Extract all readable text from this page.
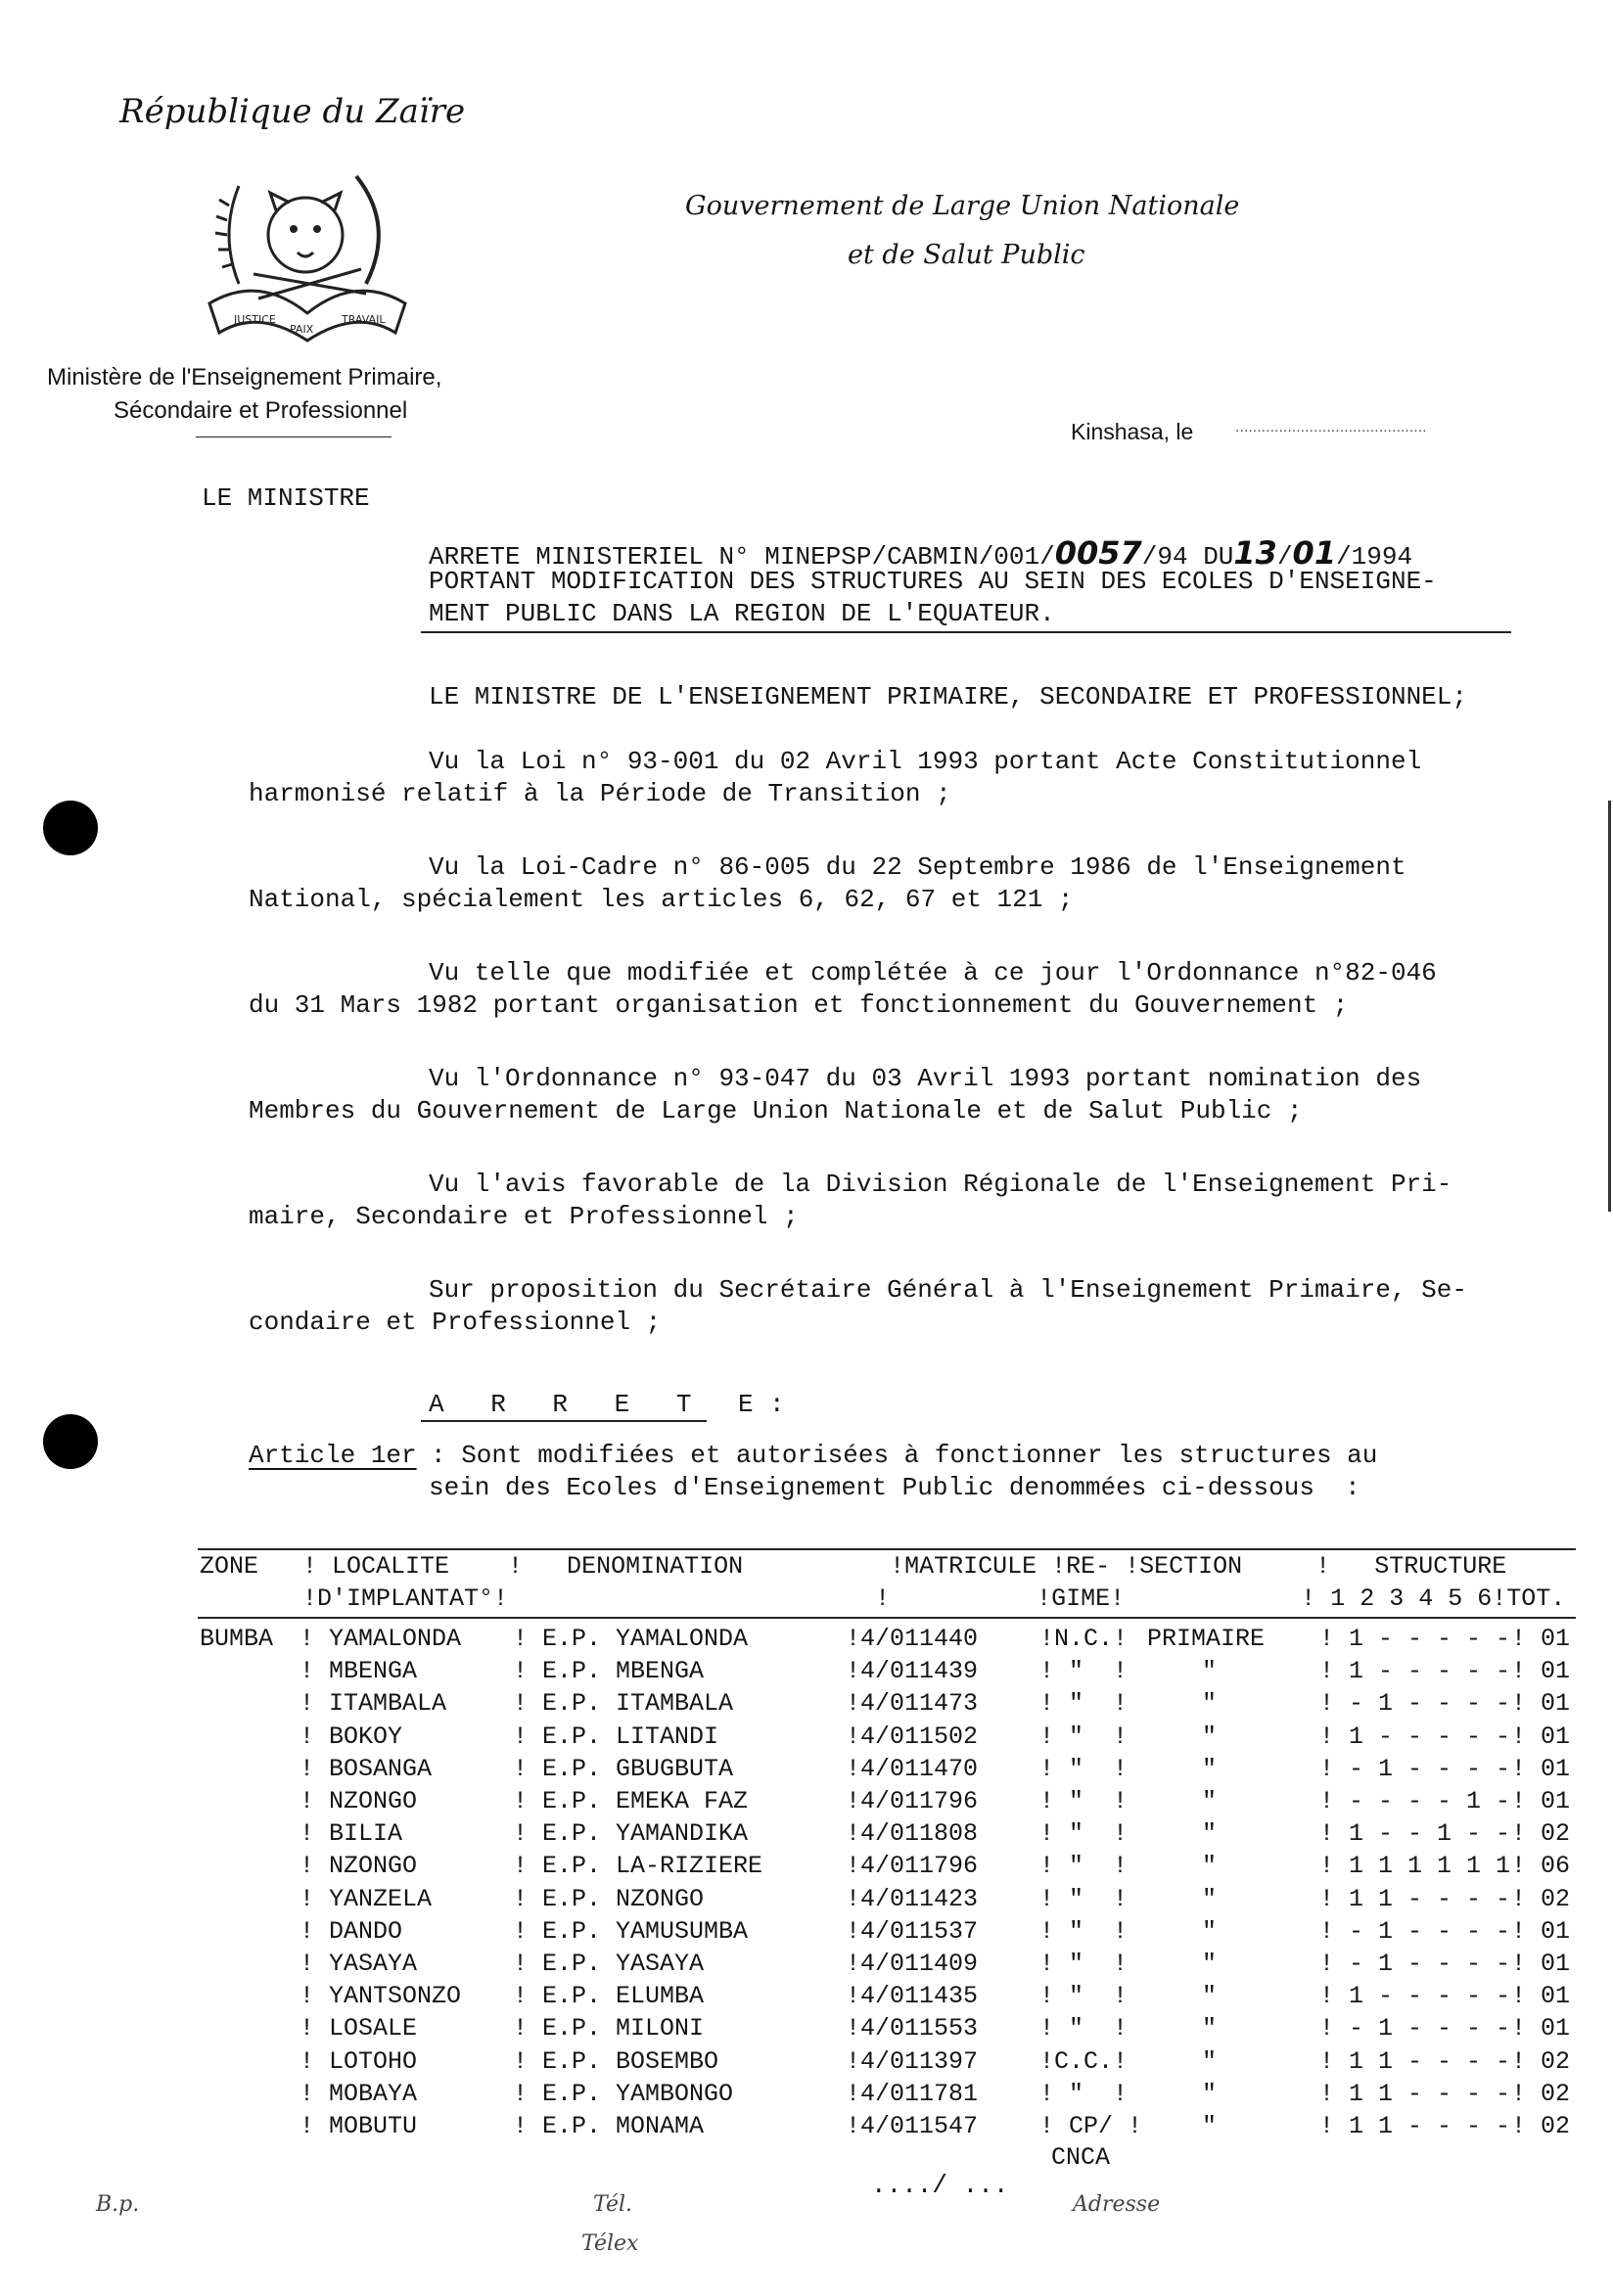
République du Zaïre

JUSTICE
PAIX
TRAVAIL

Ministère de l'Enseignement Primaire,
Sécondaire et Professionnel
Gouvernement de Large Union Nationale
et de Salut Public
Kinshasa, le	............................................
LE MINISTRE
ARRETE MINISTERIEL N° MINEPSP/CABMIN/001/0057/94 DU13/01/1994
PORTANT MODIFICATION DES STRUCTURES AU SEIN DES ECOLES D'ENSEIGNE-
MENT PUBLIC DANS LA REGION DE L'EQUATEUR.
LE MINISTRE DE L'ENSEIGNEMENT PRIMAIRE, SECONDAIRE ET PROFESSIONNEL;
Vu la Loi n° 93-001 du 02 Avril 1993 portant Acte Constitutionnel
harmonisé relatif à la Période de Transition ;
Vu la Loi-Cadre n° 86-005 du 22 Septembre 1986 de l'Enseignement
National, spécialement les articles 6, 62, 67 et 121 ;
Vu telle que modifiée et complétée à ce jour l'Ordonnance n°82-046
du 31 Mars 1982 portant organisation et fonctionnement du Gouvernement ;
Vu l'Ordonnance n° 93-047 du 03 Avril 1993 portant nomination des
Membres du Gouvernement de Large Union Nationale et de Salut Public ;
Vu l'avis favorable de la Division Régionale de l'Enseignement Pri-
maire, Secondaire et Professionnel ;
Sur proposition du Secrétaire Général à l'Enseignement Primaire, Se-
condaire et Professionnel ;
A R R E T E :
Article 1er : Sont modifiées et autorisées à fonctionner les structures au
sein des Ecoles d'Enseignement Public denommées ci-dessous  :
ZONE   ! LOCALITE    !   DENOMINATION          !MATRICULE !RE- !SECTION     !   STRUCTURE
!D'IMPLANTAT°!                         !          !GIME!            ! 1 2 3 4 5 6!TOT.
BUMBA ! YAMALONDA ! E.P. YAMALONDA	!4/011440	!N.C.! PRIMAIRE ! 1 - - - - - ! 01
! MBENGA	! E.P. MBENGA	!4/011439	! "  !	"	! 1 - - - - - ! 01
! ITAMBALA	! E.P. ITAMBALA	!4/011473	! "  !	"	! - 1 - - - - ! 01
! BOKOY	! E.P. LITANDI	!4/011502	! "  !	"	! 1 - - - - - ! 01
! BOSANGA	! E.P. GBUGBUTA	!4/011470	! "  !	"	! - 1 - - - - ! 01
! NZONGO	! E.P. EMEKA FAZ	!4/011796	! "  !	"	! - - - - 1 - ! 01
! BILIA	! E.P. YAMANDIKA	!4/011808	! "  !	"	! 1 - - 1 - - ! 02
! NZONGO	! E.P. LA-RIZIERE	!4/011796	! "  !	"	! 1 1 1 1 1 1 ! 06
! YANZELA	! E.P. NZONGO	!4/011423	! "  !	"	! 1 1 - - - - ! 02
! DANDO	! E.P. YAMUSUMBA	!4/011537	! "  !	"	! - 1 - - - - ! 01
! YASAYA	! E.P. YASAYA	!4/011409	! "  !	"	! - 1 - - - - ! 01
! YANTSONZO ! E.P. ELUMBA	!4/011435	! "  !	"	! 1 - - - - - ! 01
! LOSALE	! E.P. MILONI	!4/011553	! "  !	"	! - 1 - - - - ! 01
! LOTOHO	! E.P. BOSEMBO	!4/011397	!C.C.!	"	! 1 1 - - - - ! 02
! MOBAYA	! E.P. YAMBONGO	!4/011781	! "  !	"	! 1 1 - - - - ! 02
! MOBUTU	! E.P. MONAMA	!4/011547	! CP/ ! "	! 1 1 - - - - ! 02
CNCA
..../ ...
B.p.	Tél.	Adresse
Télex
